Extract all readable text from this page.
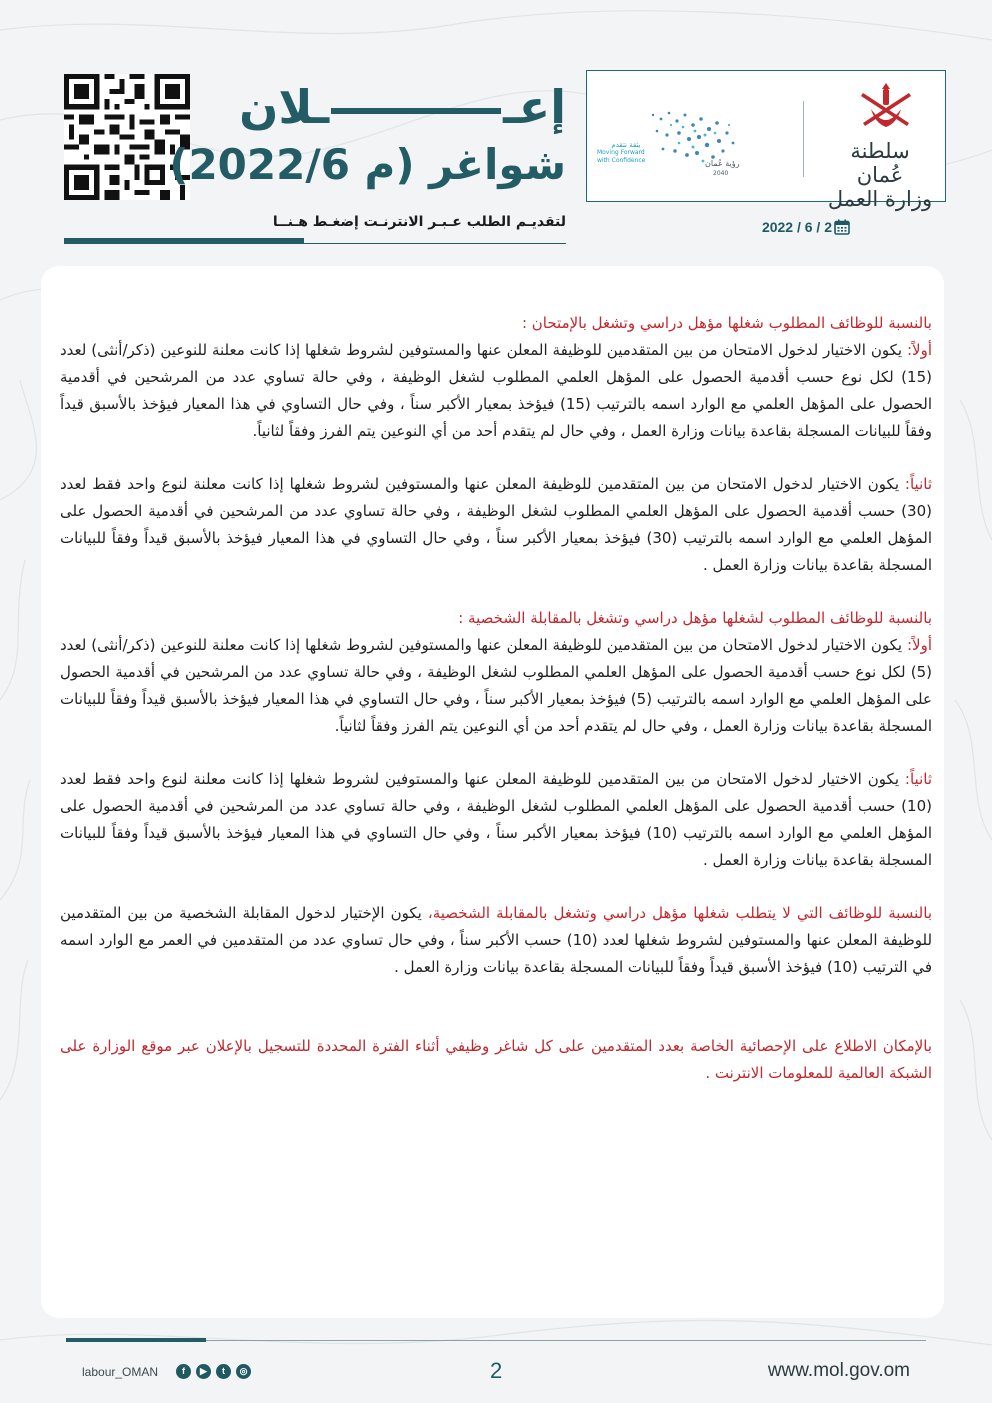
إعــلان
شواغر (م 2022/6)
لتقديـم الطلب عـبـر الانترنـت إضغـط هـنــا
سلطنة عُمان
وزارة العمل
رؤية عُمان
2040
بثقة نتقدم
Moving Forward
with Confidence
2022 / 6 / 2

بالنسبة للوظائف المطلوب شغلها مؤهل دراسي وتشغل بالإمتحان :

أولاً: يكون الاختيار لدخول الامتحان من بين المتقدمين للوظيفة المعلن عنها والمستوفين لشروط شغلها إذا كانت معلنة للنوعين (ذكر/أنثى) لعدد (15) لكل نوع حسب أقدمية الحصول على المؤهل العلمي المطلوب لشغل الوظيفة ، وفي حالة تساوي عدد من المرشحين في أقدمية الحصول على المؤهل العلمي مع الوارد اسمه بالترتيب (15) فيؤخذ بمعيار الأكبر سناً ، وفي حال التساوي في هذا المعيار فيؤخذ بالأسبق قيداً وفقاً للبيانات المسجلة بقاعدة بيانات وزارة العمل ، وفي حال لم يتقدم أحد من أي النوعين يتم الفرز وفقاً لثانياً.

ثانياً: يكون الاختيار لدخول الامتحان من بين المتقدمين للوظيفة المعلن عنها والمستوفين لشروط شغلها إذا كانت معلنة لنوع واحد فقط لعدد (30) حسب أقدمية الحصول على المؤهل العلمي المطلوب لشغل الوظيفة ، وفي حالة تساوي عدد من المرشحين في أقدمية الحصول على المؤهل العلمي مع الوارد اسمه بالترتيب (30) فيؤخذ بمعيار الأكبر سناً ، وفي حال التساوي في هذا المعيار فيؤخذ بالأسبق قيداً وفقاً للبيانات المسجلة بقاعدة بيانات وزارة العمل .

بالنسبة للوظائف المطلوب لشغلها مؤهل دراسي وتشغل بالمقابلة الشخصية :

أولاً: يكون الاختيار لدخول الامتحان من بين المتقدمين للوظيفة المعلن عنها والمستوفين لشروط شغلها إذا كانت معلنة للنوعين (ذكر/أنثى) لعدد (5) لكل نوع حسب أقدمية الحصول على المؤهل العلمي المطلوب لشغل الوظيفة ، وفي حالة تساوي عدد من المرشحين في أقدمية الحصول على المؤهل العلمي مع الوارد اسمه بالترتيب (5) فيؤخذ بمعيار الأكبر سناً ، وفي حال التساوي في هذا المعيار فيؤخذ بالأسبق قيداً وفقاً للبيانات المسجلة بقاعدة بيانات وزارة العمل ، وفي حال لم يتقدم أحد من أي النوعين يتم الفرز وفقاً لثانياً.

ثانياً: يكون الاختيار لدخول الامتحان من بين المتقدمين للوظيفة المعلن عنها والمستوفين لشروط شغلها إذا كانت معلنة لنوع واحد فقط لعدد (10) حسب أقدمية الحصول على المؤهل العلمي المطلوب لشغل الوظيفة ، وفي حالة تساوي عدد من المرشحين في أقدمية الحصول على المؤهل العلمي مع الوارد اسمه بالترتيب (10) فيؤخذ بمعيار الأكبر سناً ، وفي حال التساوي في هذا المعيار فيؤخذ بالأسبق قيداً وفقاً للبيانات المسجلة بقاعدة بيانات وزارة العمل .

بالنسبة للوظائف التي لا يتطلب شغلها مؤهل دراسي وتشغل بالمقابلة الشخصية، يكون الإختيار لدخول المقابلة الشخصية من بين المتقدمين للوظيفة المعلن عنها والمستوفين لشروط شغلها لعدد (10) حسب الأكبر سناً ، وفي حال تساوي عدد من المتقدمين في العمر مع الوارد اسمه في الترتيب (10) فيؤخذ الأسبق قيداً وفقاً للبيانات المسجلة بقاعدة بيانات وزارة العمل .

بالإمكان الاطلاع على الإحصائية الخاصة بعدد المتقدمين على كل شاغر وظيفي أثناء الفترة المحددة للتسجيل بالإعلان عبر موقع الوزارة على الشبكة العالمية للمعلومات الانترنت .

labour_OMAN	f	▶	t	◎	2	www.mol.gov.om
